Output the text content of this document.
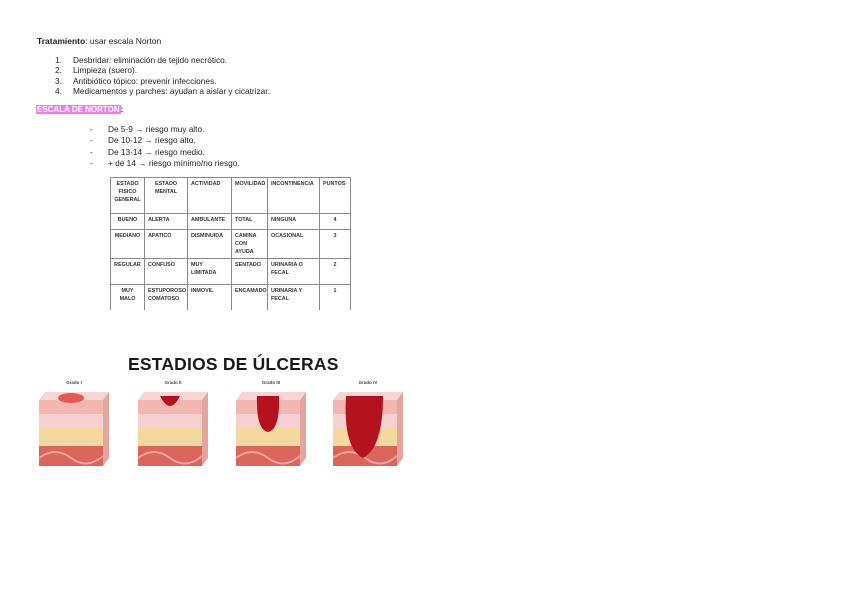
Tratamiento: usar escala Norton
1. Desbridar: eliminación de tejido necrótico.
2. Limpieza (suero).
3. Antibiótico tópico: prevenir infecciones.
4. Medicamentos y parches: ayudan a aislar y cicatrizar.
ESCALA DE NORTON:
- De 5-9 → riesgo muy alto.
- De 10-12 → riesgo alto.
- De 13-14 → riesgo medio.
- + de 14 → riesgo mínimo/no riesgo.
ESTADO FISICO GENERAL	ESTADO MENTAL	ACTIVIDAD	MOVILIDAD	INCONTINENCIA	PUNTOS
BUENO	ALERTA	AMBULANTE	TOTAL	NINGUNA	4
MEDIANO	APATICO	DISMINUIDA	CAMINA CON AYUDA	OCASIONAL	3
REGULAR	CONFUSO	MUY LIMITADA	SENTADO	URINARIA O FECAL	2
MUY MALO	ESTUPOROSO COMATOSO	INMOVIL	ENCAMADO	URINARIA Y FECAL	1
ESTADIOS DE ÚLCERAS
Grado I	Grado II	Grado III	Grado IV
